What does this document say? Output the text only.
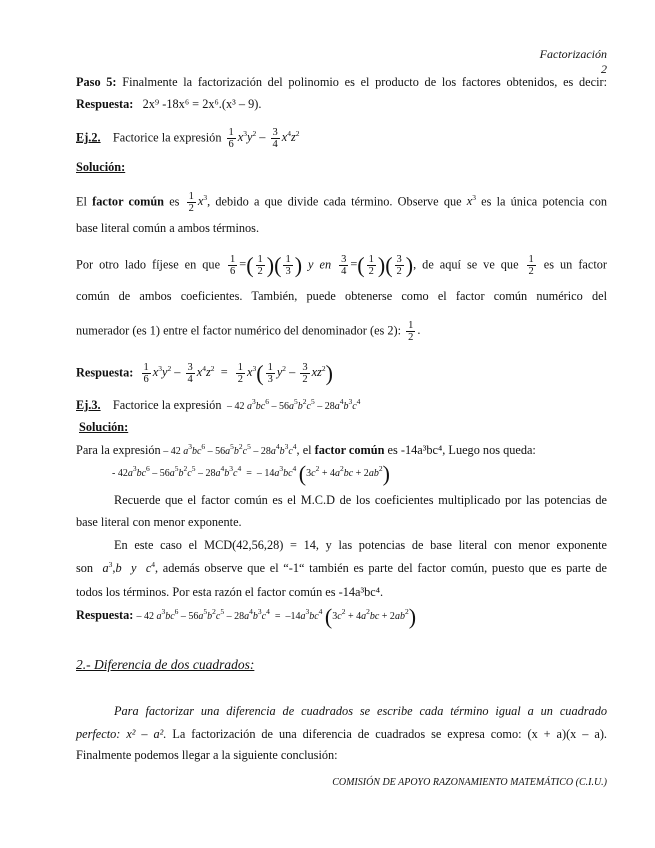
Factorización
2
Paso 5: Finalmente la factorización del polinomio es el producto de los factores obtenidos, es decir:
Respuesta: 2x⁹ -18x⁶ = 2x⁶.(x³ – 9).
Ej.2. Factorice la expresión $\frac{1}{6} x^3y^2 - \frac{3}{4} x^4z^2$
Solución:
El factor común es $\frac{1}{2} x^3$, debido a que divide cada término. Observe que $x^3$ es la única potencia con
base literal común a ambos términos.
Por otro lado fíjese en que $\frac{1}{6}$ =( $\frac{1}{2}$ )( $\frac{1}{3}$ ) y en $\frac{3}{4}$ =( $\frac{1}{2}$ )( $\frac{3}{2}$ ), de aquí se ve que $\frac{1}{2}$ es un factor
común de ambos coeficientes. También, puede obtenerse como el factor común numérico del
numerador (es 1) entre el factor numérico del denominador (es 2): $\frac{1}{2}$ .
Respuesta: $\frac{1}{6} x^3y^2 - \frac{3}{4} x^4z^2 = \frac{1}{2} x^3( \frac{1}{3} y^2 - \frac{3}{2} xz^2)$
Ej.3. Factorice la expresión  – 42 $a^3bc^6 - 56a^5b^2c^5 - 28a^4b^3c^4$
Solución:
Para la expresión – 42 $a^3bc^6 - 56a^5b^2c^5 - 28a^4b^3c^4$, el factor común es -14a³bc⁴, Luego nos queda:
- $42a^3bc^6 - 56a^5b^2c^5 - 28a^4b^3c^4$  =  – $14a^3bc^4$ $(3c^2 + 4a^2bc + 2ab^2)$
Recuerde que el factor común es el M.C.D de los coeficientes multiplicado por las potencias de
base literal con menor exponente.
En este caso el MCD(42,56,28) = 14, y las potencias de base literal con menor exponente
son $a^3,b$ y $c^4$, además observe que el “-1“ también es parte del factor común, puesto que es parte de
todos los términos. Por esta razón el factor común es -14a³bc⁴.
Respuesta: – 42 $a^3bc^6 - 56a^5b^2c^5 - 28a^4b^3c^4 = -14a^3bc^4$ $(3c^2 + 4a^2bc + 2ab^2)$
2.- Diferencia de dos cuadrados:
Para factorizar una diferencia de cuadrados se escribe cada término igual a un cuadrado
perfecto: x² – a². La factorización de una diferencia de cuadrados se expresa como: (x + a)(x – a).
Finalmente podemos llegar a la siguiente conclusión:
COMISIÓN DE APOYO RAZONAMIENTO MATEMÁTICO (C.I.U.)
